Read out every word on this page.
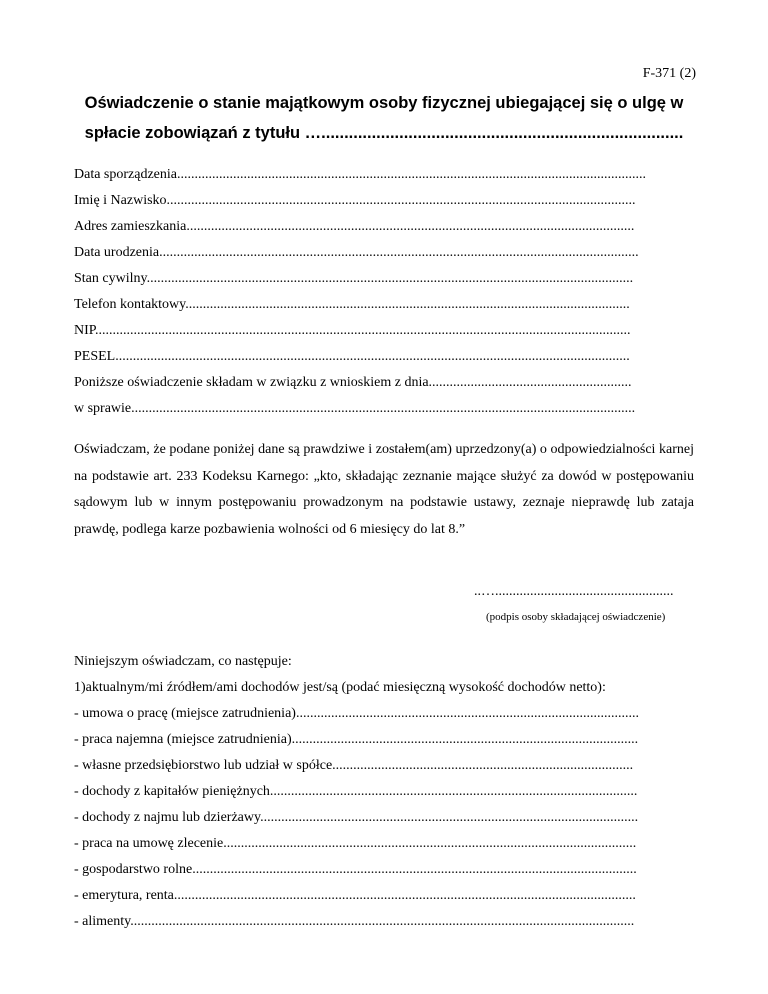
F-371 (2)
Oświadczenie o stanie majątkowym osoby fizycznej ubiegającej się o ulgę w
spłacie zobowiązań z tytułu …...............................................................................
Data sporządzenia......................................................................................................................................
Imię i Nazwisko......................................................................................................................................
Adres zamieszkania................................................................................................................................
Data urodzenia.........................................................................................................................................
Stan cywilny...........................................................................................................................................
Telefon kontaktowy...............................................................................................................................
NIP.........................................................................................................................................................
PESEL...................................................................................................................................................
Poniższe oświadczenie składam w związku z wnioskiem z dnia..........................................................
w sprawie................................................................................................................................................
Oświadczam, że podane poniżej dane są prawdziwe i zostałem(am) uprzedzony(a) o odpowiedzialności karnej na podstawie art. 233 Kodeksu Karnego: „kto, składając zeznanie mające służyć za dowód w postępowaniu sądowym lub w innym postępowaniu prowadzonym na podstawie ustawy, zeznaje nieprawdę lub zataja prawdę, podlega karze pozbawienia wolności od 6 miesięcy do lat 8.”
..…...................................................
(podpis osoby składającej oświadczenie)
Niniejszym oświadczam, co następuje:
1)aktualnym/mi źródłem/ami dochodów jest/są (podać miesięczną wysokość dochodów netto):
- umowa o pracę (miejsce zatrudnienia)..................................................................................................
- praca najemna (miejsce zatrudnienia)...................................................................................................
- własne przedsiębiorstwo lub udział w spółce......................................................................................
- dochody z kapitałów pieniężnych.........................................................................................................
- dochody z najmu lub dzierżawy............................................................................................................
- praca na umowę zlecenie......................................................................................................................
- gospodarstwo rolne...............................................................................................................................
- emerytura, renta....................................................................................................................................
- alimenty................................................................................................................................................
